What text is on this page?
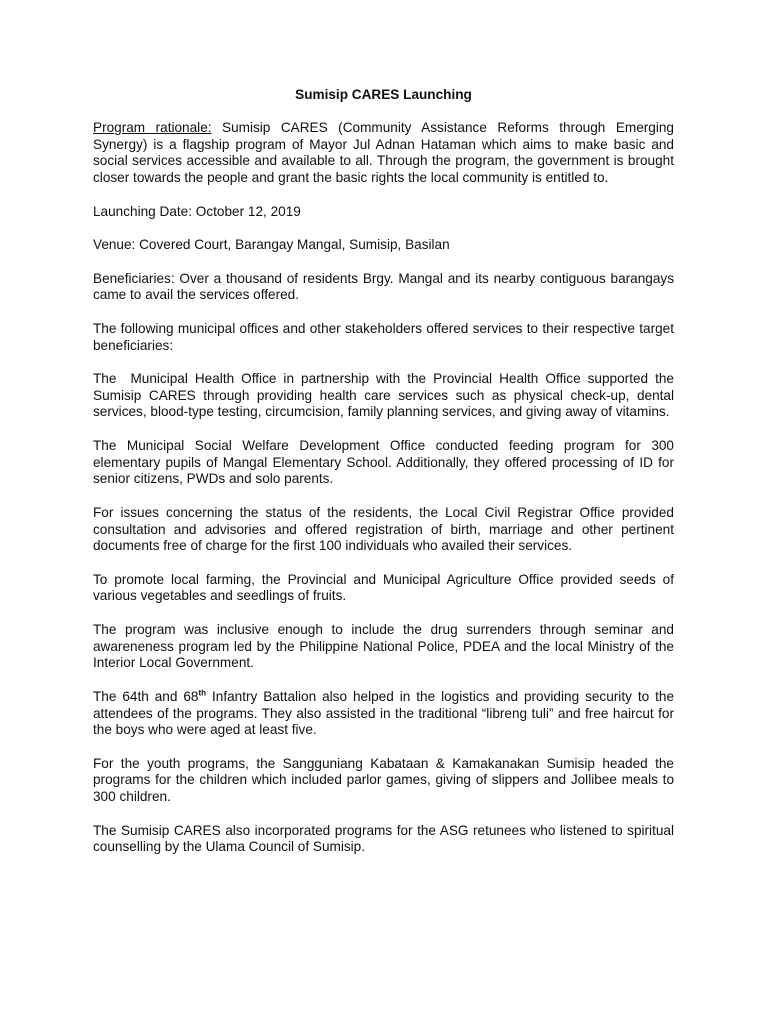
Sumisip CARES Launching

Program rationale: Sumisip CARES (Community Assistance Reforms through Emerging Synergy) is a flagship program of Mayor Jul Adnan Hataman which aims to make basic and social services accessible and available to all. Through the program, the government is brought closer towards the people and grant the basic rights the local community is entitled to.

Launching Date: October 12, 2019

Venue: Covered Court, Barangay Mangal, Sumisip, Basilan

Beneficiaries: Over a thousand of residents Brgy. Mangal and its nearby contiguous barangays came to avail the services offered.

The following municipal offices and other stakeholders offered services to their respective target beneficiaries:

The  Municipal Health Office in partnership with the Provincial Health Office supported the Sumisip CARES through providing health care services such as physical check-up, dental services, blood-type testing, circumcision, family planning services, and giving away of vitamins.

The Municipal Social Welfare Development Office conducted feeding program for 300 elementary pupils of Mangal Elementary School. Additionally, they offered processing of ID for senior citizens, PWDs and solo parents.

For issues concerning the status of the residents, the Local Civil Registrar Office provided consultation and advisories and offered registration of birth, marriage and other pertinent documents free of charge for the first 100 individuals who availed their services.

To promote local farming, the Provincial and Municipal Agriculture Office provided seeds of various vegetables and seedlings of fruits.

The program was inclusive enough to include the drug surrenders through seminar and awareneness program led by the Philippine National Police, PDEA and the local Ministry of the Interior Local Government.

The 64th and 68th Infantry Battalion also helped in the logistics and providing security to the attendees of the programs. They also assisted in the traditional “libreng tuli” and free haircut for the boys who were aged at least five.

For the youth programs, the Sangguniang Kabataan & Kamakanakan Sumisip headed the programs for the children which included parlor games, giving of slippers and Jollibee meals to 300 children.

The Sumisip CARES also incorporated programs for the ASG retunees who listened to spiritual counselling by the Ulama Council of Sumisip.
